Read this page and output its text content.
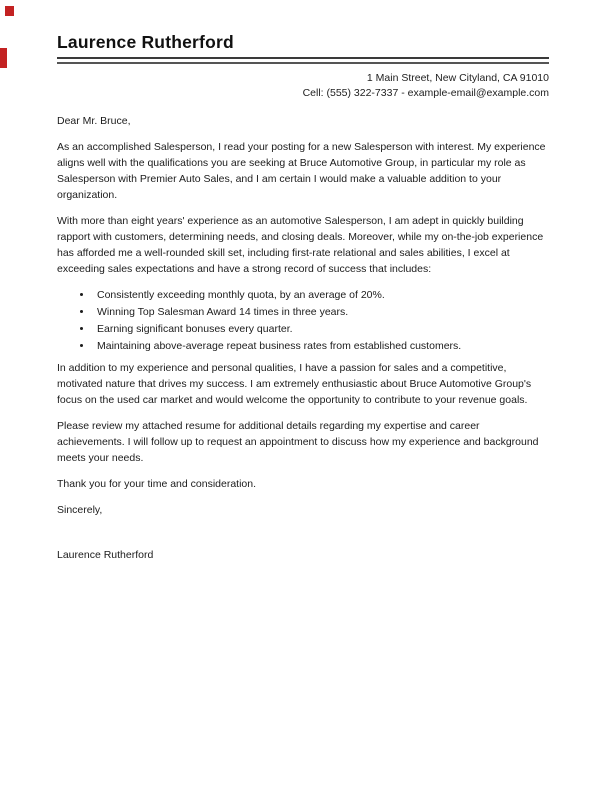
Laurence Rutherford
1 Main Street, New Cityland, CA 91010
Cell: (555) 322-7337 - example-email@example.com

Dear Mr. Bruce,

As an accomplished Salesperson, I read your posting for a new Salesperson with interest. My experience aligns well with the qualifications you are seeking at Bruce Automotive Group, in particular my role as Salesperson with Premier Auto Sales, and I am certain I would make a valuable addition to your organization.

With more than eight years' experience as an automotive Salesperson, I am adept in quickly building rapport with customers, determining needs, and closing deals. Moreover, while my on-the-job experience has afforded me a well-rounded skill set, including first-rate relational and sales abilities, I excel at exceeding sales expectations and have a strong record of success that includes:

• Consistently exceeding monthly quota, by an average of 20%.
• Winning Top Salesman Award 14 times in three years.
• Earning significant bonuses every quarter.
• Maintaining above-average repeat business rates from established customers.

In addition to my experience and personal qualities, I have a passion for sales and a competitive, motivated nature that drives my success. I am extremely enthusiastic about Bruce Automotive Group's focus on the used car market and would welcome the opportunity to contribute to your revenue goals.

Please review my attached resume for additional details regarding my expertise and career achievements. I will follow up to request an appointment to discuss how my experience and background meets your needs.

Thank you for your time and consideration.

Sincerely,

Laurence Rutherford
